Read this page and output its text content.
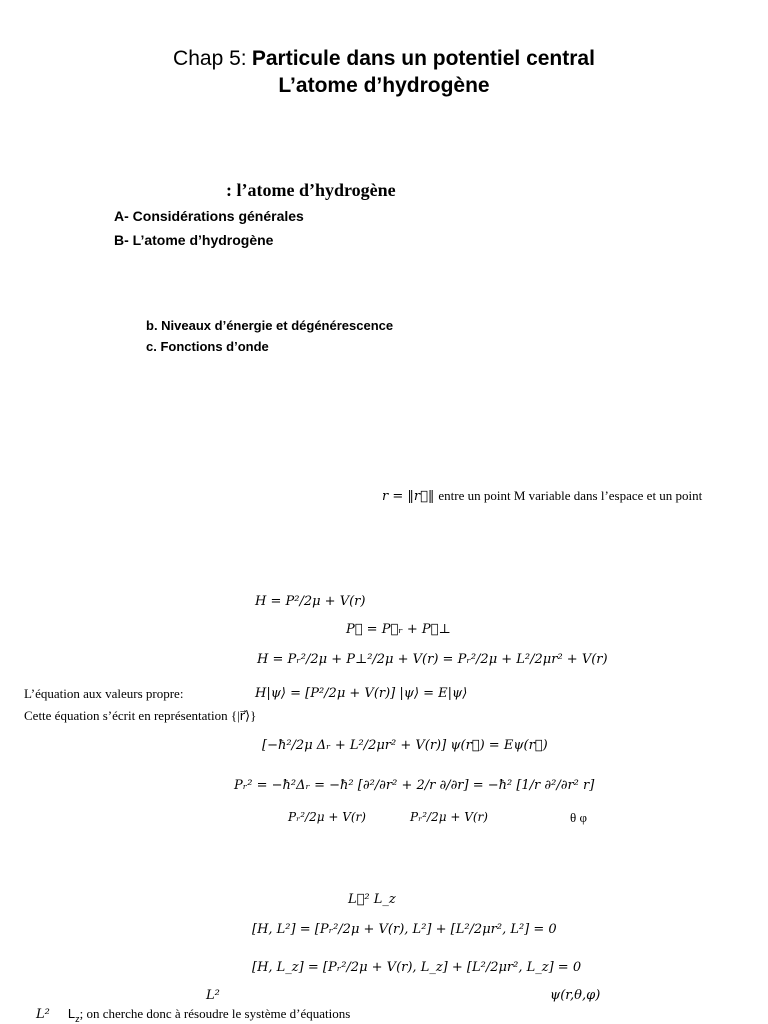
Chap 5: Particule dans un potentiel central
L’atome d’hydrogène
: l’atome d’hydrogène
A- Considérations générales
B- L’atome d’hydrogène
b. Niveaux d’énergie et dégénérescence
c. Fonctions d’onde
r = ‖r⃗‖ entre un point M variable dans l’espace et un point
H = P²/2μ + V(r)
P⃗ = P⃗ᵣ + P⃗⊥
H = Pᵣ²/2μ + P⊥²/2μ + V(r) = Pᵣ²/2μ + L²/2μr² + V(r)
L’équation aux valeurs propre:	H|ψ⟩ = [P²/2μ + V(r)] |ψ⟩ = E|ψ⟩
Cette équation s’écrit en représentation {|r⃗⟩}
[−ħ²/2μ Δᵣ + L²/2μr² + V(r)] ψ(r⃗) = Eψ(r⃗)
Pᵣ² = −ħ²Δᵣ = −ħ² [∂²/∂r² + 2/r ∂/∂r] = −ħ² [1/r ∂²/∂r² r]
Pᵣ²/2μ + V(r)	Pᵣ²/2μ + V(r)	θ φ
L⃗² L_z
[H, L²] = [Pᵣ²/2μ + V(r), L²] + [L²/2μr², L²] = 0
[H, L_z] = [Pᵣ²/2μ + V(r), L_z] + [L²/2μr², L_z] = 0
L²	ψ(r,θ,φ)
L² $L_z$; on cherche donc à résoudre le système d’équations
